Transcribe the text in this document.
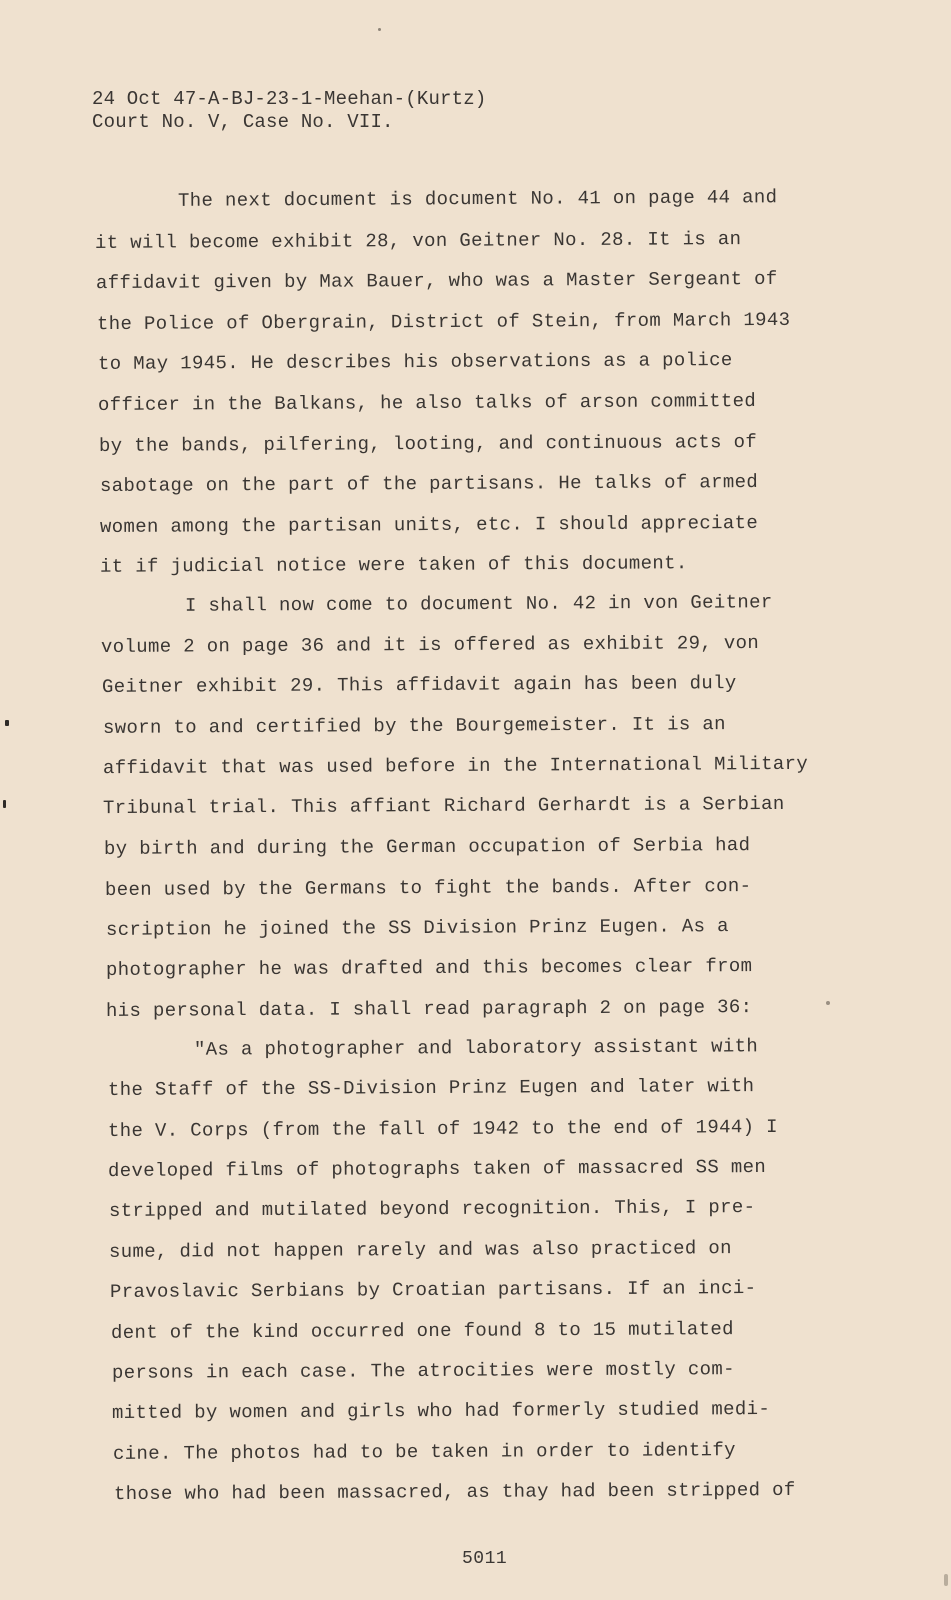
24 Oct 47-A-BJ-23-1-Meehan-(Kurtz)
Court No. V, Case No. VII.
The next document is document No. 41 on page 44 and
it will become exhibit 28, von Geitner No. 28. It is an
affidavit given by Max Bauer, who was a Master Sergeant of
the Police of Obergrain, District of Stein, from March 1943
to May 1945. He describes his observations as a police
officer in the Balkans, he also talks of arson committed
by the bands, pilfering, looting, and continuous acts of
sabotage on the part of the partisans. He talks of armed
women among the partisan units, etc. I should appreciate
it if judicial notice were taken of this document.
I shall now come to document No. 42 in von Geitner
volume 2 on page 36 and it is offered as exhibit 29, von
Geitner exhibit 29. This affidavit again has been duly
sworn to and certified by the Bourgemeister. It is an
affidavit that was used before in the International Military
Tribunal trial. This affiant Richard Gerhardt is a Serbian
by birth and during the German occupation of Serbia had
been used by the Germans to fight the bands. After con-
scription he joined the SS Division Prinz Eugen. As a
photographer he was drafted and this becomes clear from
his personal data. I shall read paragraph 2 on page 36:
"As a photographer and laboratory assistant with
the Staff of the SS-Division Prinz Eugen and later with
the V. Corps (from the fall of 1942 to the end of 1944) I
developed films of photographs taken of massacred SS men
stripped and mutilated beyond recognition. This, I pre-
sume, did not happen rarely and was also practiced on
Pravoslavic Serbians by Croatian partisans. If an inci-
dent of the kind occurred one found 8 to 15 mutilated
persons in each case. The atrocities were mostly com-
mitted by women and girls who had formerly studied medi-
cine. The photos had to be taken in order to identify
those who had been massacred, as thay had been stripped of
5011
